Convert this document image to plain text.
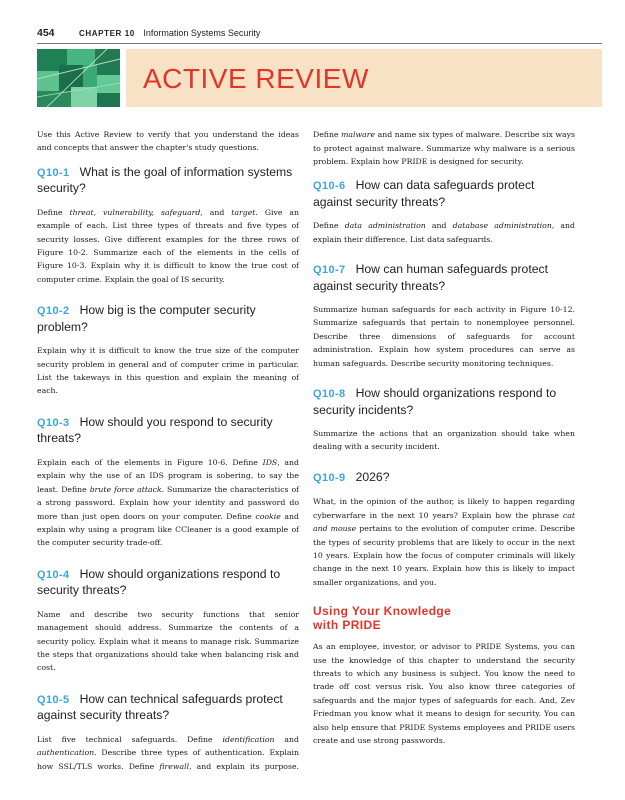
454	CHAPTER 10 Information Systems Security
ACTIVE REVIEW

Use this Active Review to verify that you understand the ideas and concepts that answer the chapter's study questions.

Q10-1 What is the goal of information systems security?

Define threat, vulnerability, safeguard, and target. Give an example of each. List three types of threats and five types of security losses. Give different examples for the three rows of Figure 10-2. Summarize each of the elements in the cells of Figure 10-3. Explain why it is difficult to know the true cost of computer crime. Explain the goal of IS security.

Q10-2 How big is the computer security problem?

Explain why it is difficult to know the true size of the computer security problem in general and of computer crime in particular. List the takeways in this question and explain the meaning of each.

Q10-3 How should you respond to security threats?

Explain each of the elements in Figure 10-6. Define IDS, and explain why the use of an IDS program is sobering, to say the least. Define brute force attack. Summarize the characteristics of a strong password. Explain how your identity and password do more than just open doors on your computer. Define cookie and explain why using a program like CCleaner is a good example of the computer security trade-off.

Q10-4 How should organizations respond to security threats?

Name and describe two security functions that senior management should address. Summarize the contents of a security policy. Explain what it means to manage risk. Summarize the steps that organizations should take when balancing risk and cost.

Q10-5 How can technical safeguards protect against security threats?

List five technical safeguards. Define identification and authentication. Describe three types of authentication. Explain how SSL/TLS works. Define firewall, and explain its purpose.

Define malware and name six types of malware. Describe six ways to protect against malware. Summarize why malware is a serious problem. Explain how PRIDE is designed for security.

Q10-6 How can data safeguards protect against security threats?

Define data administration and database administration, and explain their difference. List data safeguards.

Q10-7 How can human safeguards protect against security threats?

Summarize human safeguards for each activity in Figure 10-12. Summarize safeguards that pertain to nonemployee personnel. Describe three dimensions of safeguards for account administration. Explain how system procedures can serve as human safeguards. Describe security monitoring techniques.

Q10-8 How should organizations respond to security incidents?

Summarize the actions that an organization should take when dealing with a security incident.

Q10-9 2026?

What, in the opinion of the author, is likely to happen regarding cyberwarfare in the next 10 years? Explain how the phrase cat and mouse pertains to the evolution of computer crime. Describe the types of security problems that are likely to occur in the next 10 years. Explain how the focus of computer criminals will likely change in the next 10 years. Explain how this is likely to impact smaller organizations, and you.

Using Your Knowledge
with PRIDE

As an employee, investor, or advisor to PRIDE Systems, you can use the knowledge of this chapter to understand the security threats to which any business is subject. You know the need to trade off cost versus risk. You also know three categories of safeguards and the major types of safeguards for each. And, Zev Friedman you know what it means to design for security. You can also help ensure that PRIDE Systems employees and PRIDE users create and use strong passwords.
